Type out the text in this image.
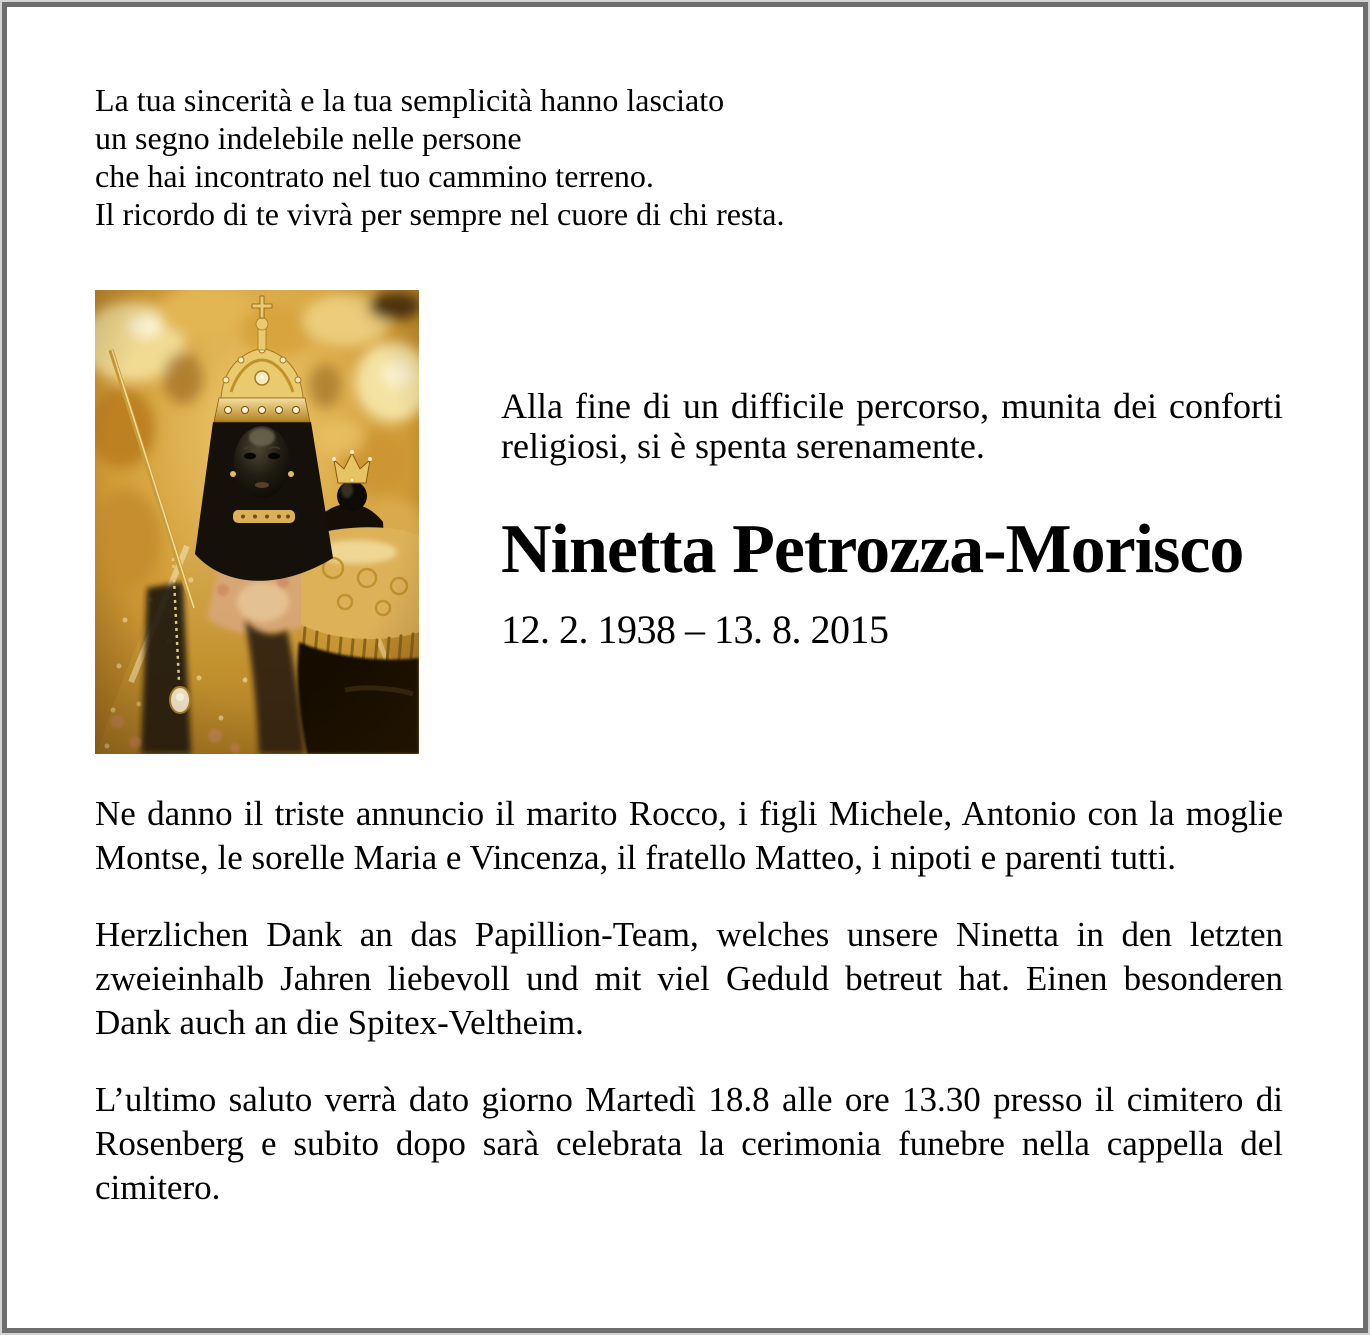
La tua sincerità e la tua semplicità hanno lasciato
un segno indelebile nelle persone
che hai incontrato nel tuo cammino terreno.
Il ricordo di te vivrà per sempre nel cuore di chi resta.

Alla fine di un difficile percorso, munita dei conforti religiosi, si è spenta serenamente.

Ninetta Petrozza-Morisco
12. 2. 1938 – 13. 8. 2015

Ne danno il triste annuncio il marito Rocco, i figli Michele, Antonio con la moglie Montse, le sorelle Maria e Vincenza, il fratello Matteo, i nipoti e parenti tutti.

Herzlichen Dank an das Papillion-Team, welches unsere Ninetta in den letzten zweieinhalb Jahren liebevoll und mit viel Geduld betreut hat. Einen besonderen Dank auch an die Spitex-Veltheim.

L’ultimo saluto verrà dato giorno Martedì 18.8 alle ore 13.30 presso il cimitero di Rosenberg e subito dopo sarà celebrata la cerimonia funebre nella cappella del cimitero.
